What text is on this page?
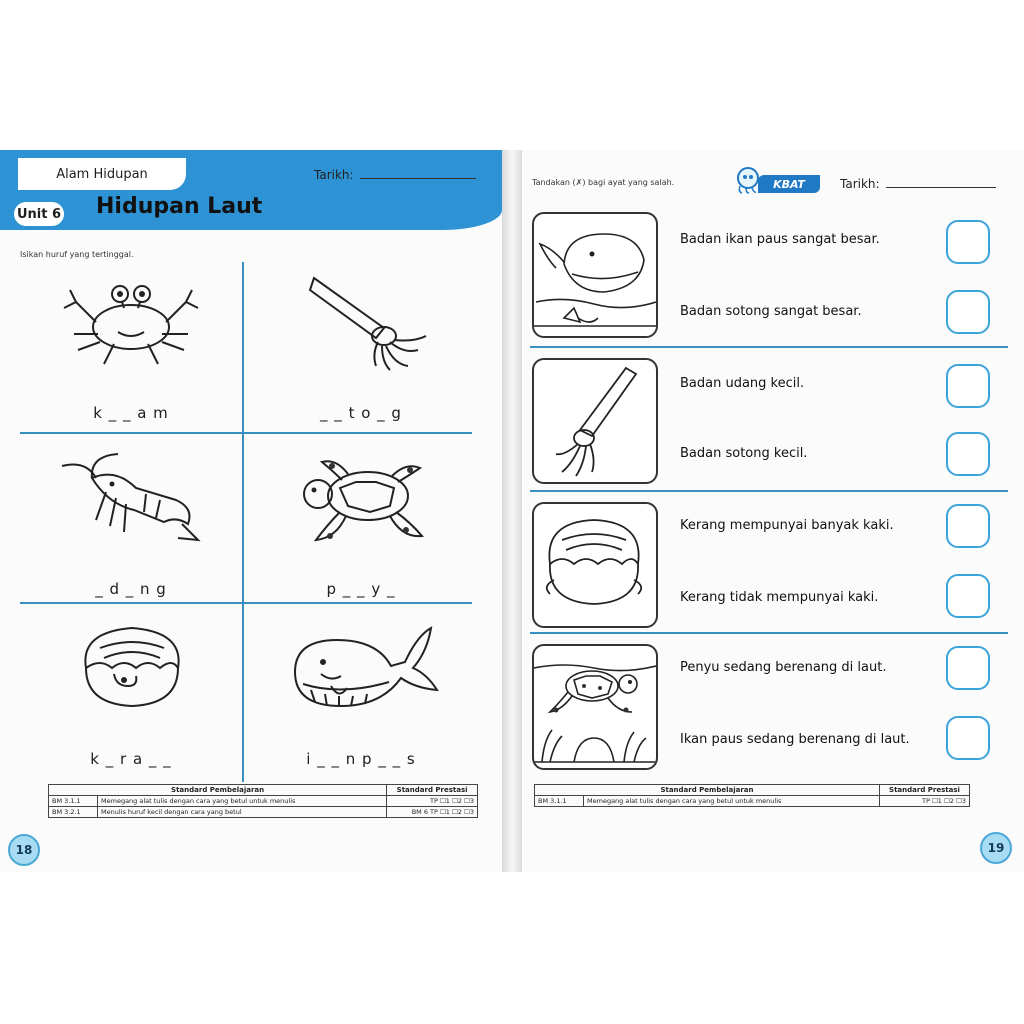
Alam Hidupan	Tarikh:
Unit 6 Hidupan Laut
Isikan huruf yang tertinggal.
k _ _ a m	_ _ t o _ g
_ d _ n g	p _ _ y _
k _ r a _ _	i _ _ n p _ _ s
Standard Pembelajaran		Standard Prestasi
BM 3.1.1	Memegang alat tulis dengan cara yang betul untuk menulis	TP ☐1 ☐2 ☐3
BM 3.2.1	Menulis huruf kecil dengan cara yang betul	BM 6 TP ☐1 ☐2 ☐3
18
Tandakan (✗) bagi ayat yang salah.	KBAT	Tarikh:
Badan ikan paus sangat besar.
Badan sotong sangat besar.
Badan udang kecil.
Badan sotong kecil.
Kerang mempunyai banyak kaki.
Kerang tidak mempunyai kaki.
Penyu sedang berenang di laut.
Ikan paus sedang berenang di laut.
Standard Pembelajaran		Standard Prestasi
BM 3.1.1	Memegang alat tulis dengan cara yang betul untuk menulis	TP ☐1 ☐2 ☐3
19
